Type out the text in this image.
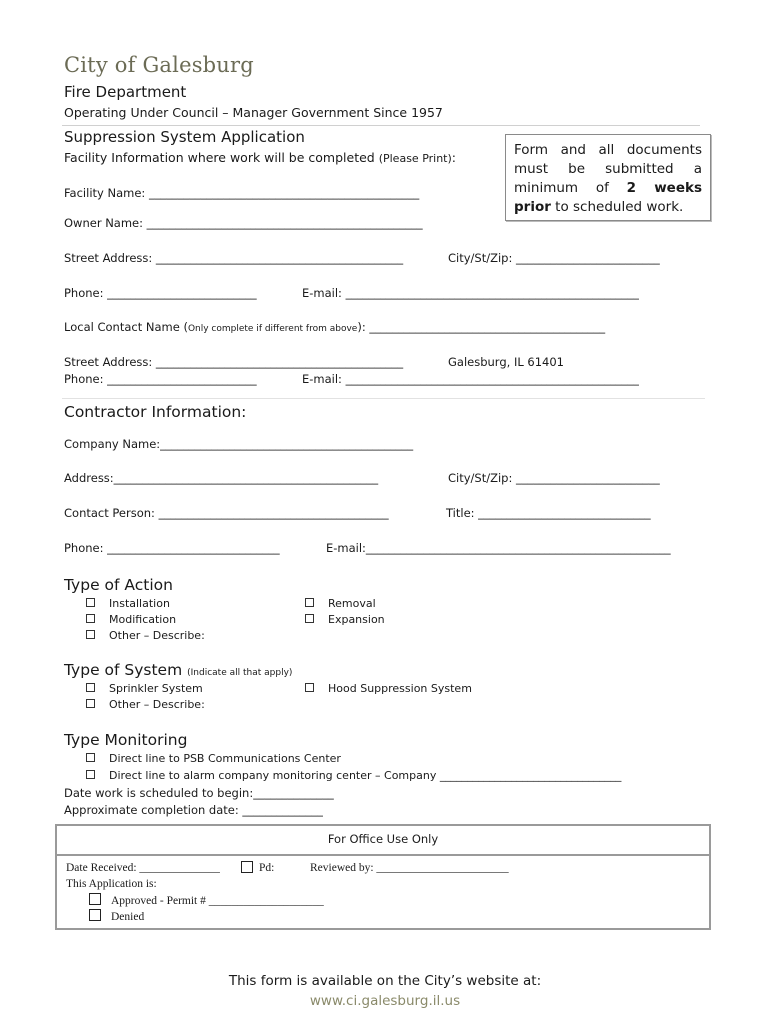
City of Galesburg
Fire Department
Operating Under Council – Manager Government Since 1957
Suppression System Application
Facility Information where work will be completed (Please Print):	Form and all documents must be submitted a minimum of 2 weeks prior to scheduled work.
Facility Name: _______________________________________________
Owner Name: ________________________________________________
Street Address: ___________________________________________	City/St/Zip: _________________________
Phone: __________________________	E-mail: ___________________________________________________
Local Contact Name (Only complete if different from above): _________________________________________
Street Address: ___________________________________________	Galesburg, IL 61401
Phone: __________________________	E-mail: ___________________________________________________
Contractor Information:
Company Name:____________________________________________
Address:______________________________________________	City/St/Zip: _________________________
Contact Person: ________________________________________	Title: ______________________________
Phone: ______________________________	E-mail:_____________________________________________________
Type of Action
Installation
Modification
Other – Describe:
Removal
Expansion
Type of System (Indicate all that apply)
Sprinkler System
Other – Describe:
Hood Suppression System
Type Monitoring
Direct line to PSB Communications Center
Direct line to alarm company monitoring center – Company _________________________________
Date work is scheduled to begin:______________
Approximate completion date: ______________
For Office Use Only
Date Received: ______________	Pd:	Reviewed by: _______________________
This Application is:
Approved - Permit # ____________________
Denied
This form is available on the City’s website at:
www.ci.galesburg.il.us
